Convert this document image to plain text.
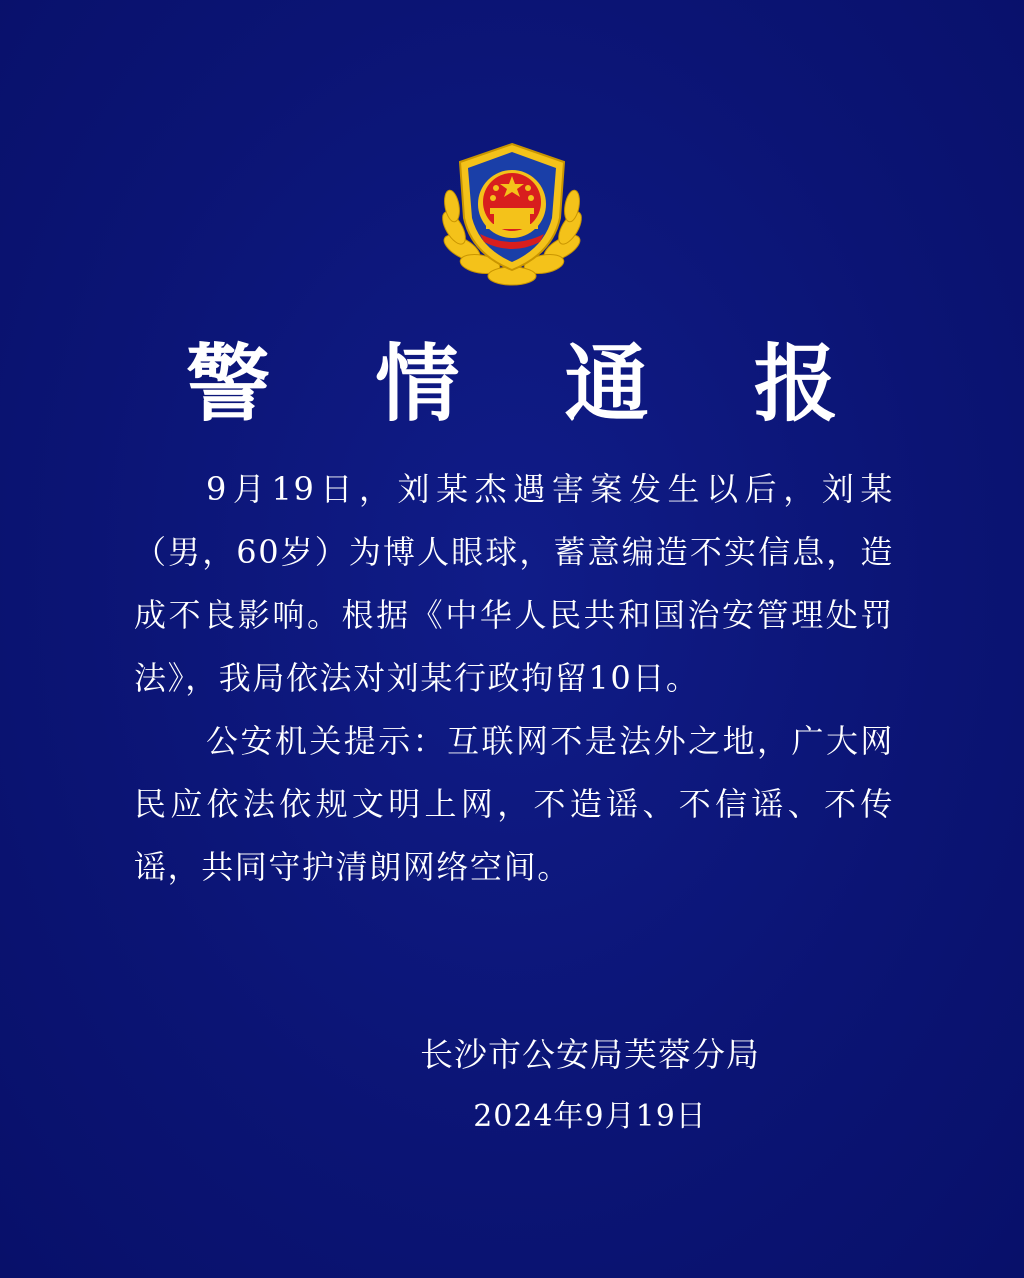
警 情 通 报

9月19日，刘某杰遇害案发生以后，刘某（男，60岁）为博人眼球，蓄意编造不实信息，造成不良影响。根据《中华人民共和国治安管理处罚法》，我局依法对刘某行政拘留10日。

公安机关提示：互联网不是法外之地，广大网民应依法依规文明上网，不造谣、不信谣、不传谣，共同守护清朗网络空间。

长沙市公安局芙蓉分局
2024年9月19日
